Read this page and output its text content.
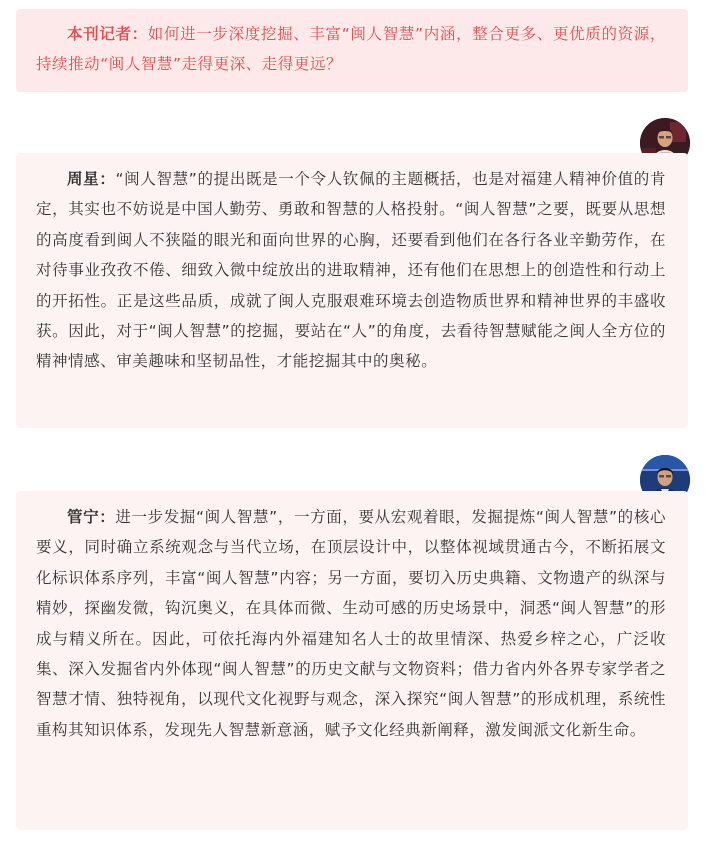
本刊记者：如何进一步深度挖掘、丰富“闽人智慧”内涵，整合更多、更优质的资源，持续推动“闽人智慧”走得更深、走得更远？

周星：“闽人智慧”的提出既是一个令人钦佩的主题概括，也是对福建人精神价值的肯定，其实也不妨说是中国人勤劳、勇敢和智慧的人格投射。“闽人智慧”之要，既要从思想的高度看到闽人不狭隘的眼光和面向世界的心胸，还要看到他们在各行各业辛勤劳作，在对待事业孜孜不倦、细致入微中绽放出的进取精神，还有他们在思想上的创造性和行动上的开拓性。正是这些品质，成就了闽人克服艰难环境去创造物质世界和精神世界的丰盛收获。因此，对于“闽人智慧”的挖掘，要站在“人”的角度，去看待智慧赋能之闽人全方位的精神情感、审美趣味和坚韧品性，才能挖掘其中的奥秘。

管宁：进一步发掘“闽人智慧”，一方面，要从宏观着眼，发掘提炼“闽人智慧”的核心要义，同时确立系统观念与当代立场，在顶层设计中，以整体视域贯通古今，不断拓展文化标识体系序列，丰富“闽人智慧”内容；另一方面，要切入历史典籍、文物遗产的纵深与精妙，探幽发微，钩沉奥义，在具体而微、生动可感的历史场景中，洞悉“闽人智慧”的形成与精义所在。因此，可依托海内外福建知名人士的故里情深、热爱乡梓之心，广泛收集、深入发掘省内外体现“闽人智慧”的历史文献与文物资料；借力省内外各界专家学者之智慧才情、独特视角，以现代文化视野与观念，深入探究“闽人智慧”的形成机理，系统性重构其知识体系，发现先人智慧新意涵，赋予文化经典新阐释，激发闽派文化新生命。
